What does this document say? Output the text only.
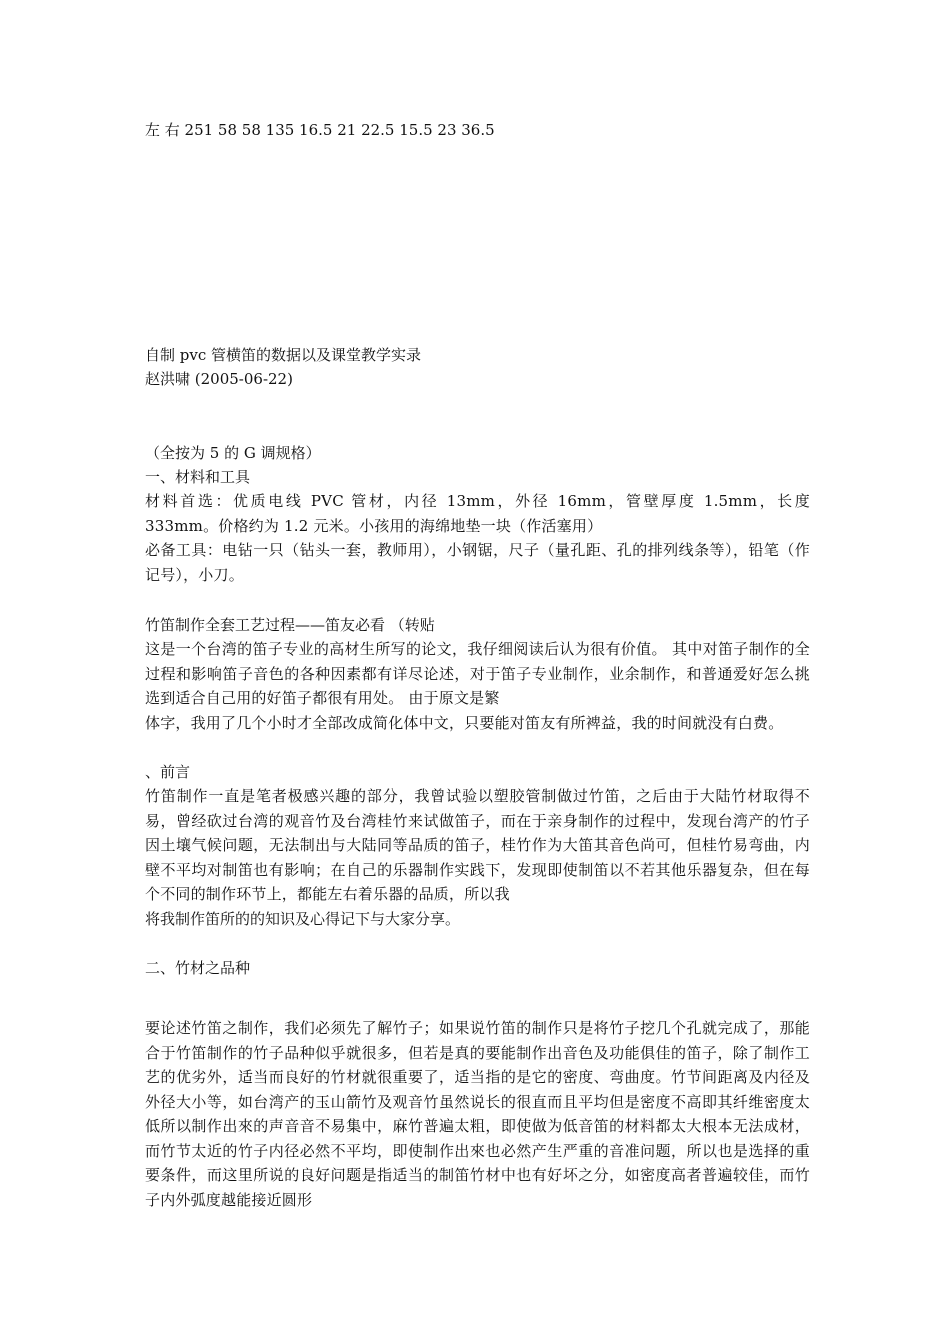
左 右 251 58 58 135 16.5 21 22.5 15.5 23 36.5
自制 pvc 管横笛的数据以及课堂教学实录
赵洪啸 (2005-06-22)
（全按为 5 的 G 调规格）
一、材料和工具
材料首选：优质电线 PVC 管材，内径 13mm，外径 16mm，管壁厚度 1.5mm，长度 333mm。价格约为 1.2 元米。小孩用的海绵地垫一块（作活塞用）
必备工具：电钻一只（钻头一套，教师用），小钢锯，尺子（量孔距、孔的排列线条等），铅笔（作记号），小刀。
竹笛制作全套工艺过程——笛友必看 （转贴
这是一个台湾的笛子专业的高材生所写的论文，我仔细阅读后认为很有价值。 其中对笛子制作的全过程和影响笛子音色的各种因素都有详尽论述，对于笛子专业制作，业余制作，和普通爱好怎么挑选到适合自己用的好笛子都很有用处。 由于原文是繁
体字，我用了几个小时才全部改成简化体中文，只要能对笛友有所裨益，我的时间就没有白费。
、前言
竹笛制作一直是笔者极感兴趣的部分，我曾试验以塑胶管制做过竹笛，之后由于大陆竹材取得不易，曾经砍过台湾的观音竹及台湾桂竹来试做笛子，而在于亲身制作的过程中，发现台湾产的竹子因土壤气候问题，无法制出与大陆同等品质的笛子，桂竹作为大笛其音色尚可，但桂竹易弯曲，内壁不平均对制笛也有影响；在自己的乐器制作实践下，发现即使制笛以不若其他乐器复杂，但在每个不同的制作环节上，都能左右着乐器的品质，所以我
将我制作笛所的的知识及心得记下与大家分享。
二、竹材之品种
要论述竹笛之制作，我们必须先了解竹子；如果说竹笛的制作只是将竹子挖几个孔就完成了，那能合于竹笛制作的竹子品种似乎就很多，但若是真的要能制作出音色及功能俱佳的笛子，除了制作工艺的优劣外，适当而良好的竹材就很重要了，适当指的是它的密度、弯曲度。竹节间距离及内径及外径大小等，如台湾产的玉山箭竹及观音竹虽然说长的很直而且平均但是密度不高即其纤维密度太低所以制作出來的声音音不易集中，麻竹普遍太粗，即使做为低音笛的材料都太大根本无法成材，而竹节太近的竹子内径必然不平均，即使制作出來也必然产生严重的音准问题，所以也是选择的重要条件，而这里所说的良好问题是指适当的制笛竹材中也有好坏之分，如密度高者普遍较佳，而竹子内外弧度越能接近圆形
